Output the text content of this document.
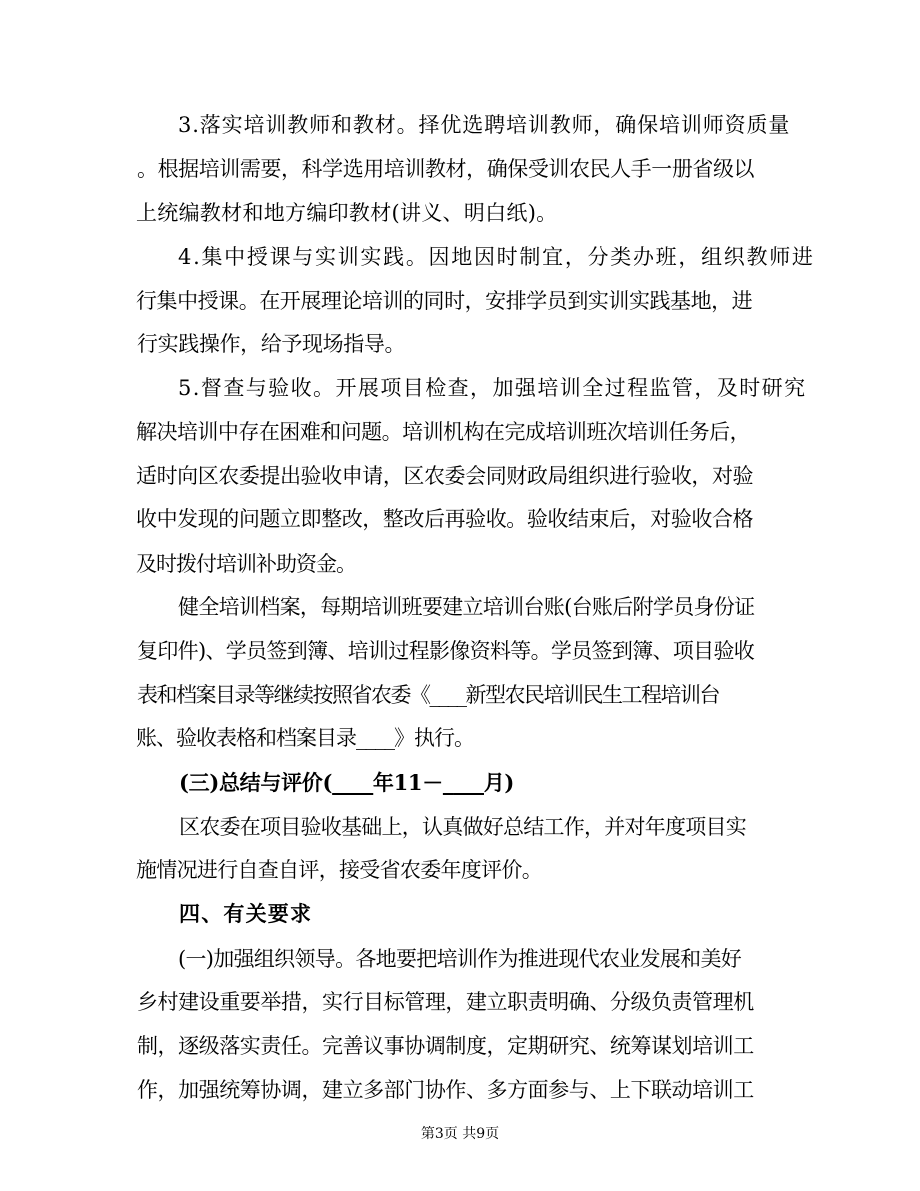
3.落实培训教师和教材。择优选聘培训教师，确保培训师资质量
。根据培训需要，科学选用培训教材，确保受训农民人手一册省级以
上统编教材和地方编印教材(讲义、明白纸)。
4.集中授课与实训实践。因地因时制宜，分类办班，组织教师进
行集中授课。在开展理论培训的同时，安排学员到实训实践基地，进
行实践操作，给予现场指导。
5.督查与验收。开展项目检查，加强培训全过程监管，及时研究
解决培训中存在困难和问题。培训机构在完成培训班次培训任务后，
适时向区农委提出验收申请，区农委会同财政局组织进行验收，对验
收中发现的问题立即整改，整改后再验收。验收结束后，对验收合格
及时拨付培训补助资金。
健全培训档案，每期培训班要建立培训台账(台账后附学员身份证
复印件)、学员签到簿、培训过程影像资料等。学员签到簿、项目验收
表和档案目录等继续按照省农委《____新型农民培训民生工程培训台
账、验收表格和档案目录____》执行。
(三)总结与评价(____年11－____月)
区农委在项目验收基础上，认真做好总结工作，并对年度项目实
施情况进行自查自评，接受省农委年度评价。
四、有关要求
(一)加强组织领导。各地要把培训作为推进现代农业发展和美好
乡村建设重要举措，实行目标管理，建立职责明确、分级负责管理机
制，逐级落实责任。完善议事协调制度，定期研究、统筹谋划培训工
作，加强统筹协调，建立多部门协作、多方面参与、上下联动培训工
第3页 共9页
